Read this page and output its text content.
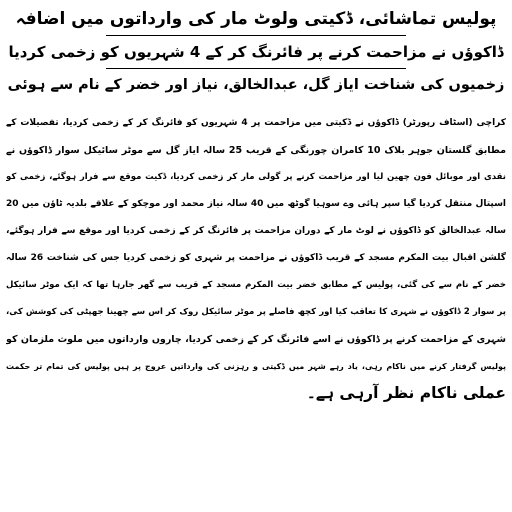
پولیس تماشائی، ڈکیتی ولوٹ مار کی وارداتوں میں اضافہ
ڈاکوؤں نے مزاحمت کرنے پر فائرنگ کر کے 4 شہریوں کو زخمی کردیا
زخمیوں کی شناخت ایاز گل، عبدالخالق، نیاز اور خضر کے نام سے ہوئی
کراچی (اسٹاف رپورٹر) ڈاکوؤں نے ڈکیتی میں مزاحمت پر 4 شہریوں کو فائرنگ کر کے زخمی کردیا، تفصیلات کے
مطابق گلستان جوہر بلاک 10 کامران چورنگی کے قریب 25 سالہ ایاز گل سے موٹر سائیکل سوار ڈاکوؤں نے
نقدی اور موبائل فون چھین لیا اور مزاحمت کرنے پر گولی مار کر زخمی کردیا، ڈکیت موقع سے فرار ہوگئے، زخمی کو
اسپتال منتقل کردیا گیا سپر ہائی وے سوہیا گوٹھ میں 40 سالہ نیاز محمد اور موچکو کے علاقے بلدیہ ٹاؤن میں 20
سالہ عبدالخالق کو ڈاکوؤں نے لوٹ مار کے دوران مزاحمت پر فائرنگ کر کے زخمی کردیا اور موقع سے فرار ہوگئے،
گلشن اقبال بیت المکرم مسجد کے قریب ڈاکوؤں نے مزاحمت پر شہری کو زخمی کردیا جس کی شناخت 26 سالہ
خضر کے نام سے کی گئی، پولیس کے مطابق خضر بیت المکرم مسجد کے قریب سے گھر جارہا تھا کہ ایک موٹر سائیکل
پر سوار 2 ڈاکوؤں نے شہری کا تعاقب کیا اور کچھ فاصلے پر موٹر سائیکل روک کر اس سے چھینا جھپٹی کی کوشش کی،
شہری کے مزاحمت کرنے پر ڈاکوؤں نے اسے فائرنگ کر کے زخمی کردیا، چاروں وارداتوں میں ملوث ملزمان کو
پولیس گرفتار کرنے میں ناکام رہی، یاد رہے شہر میں ڈکیتی و رہزنی کی وارداتیں عروج پر ہیں پولیس کی تمام تر حکمت
عملی ناکام نظر آرہی ہے۔
